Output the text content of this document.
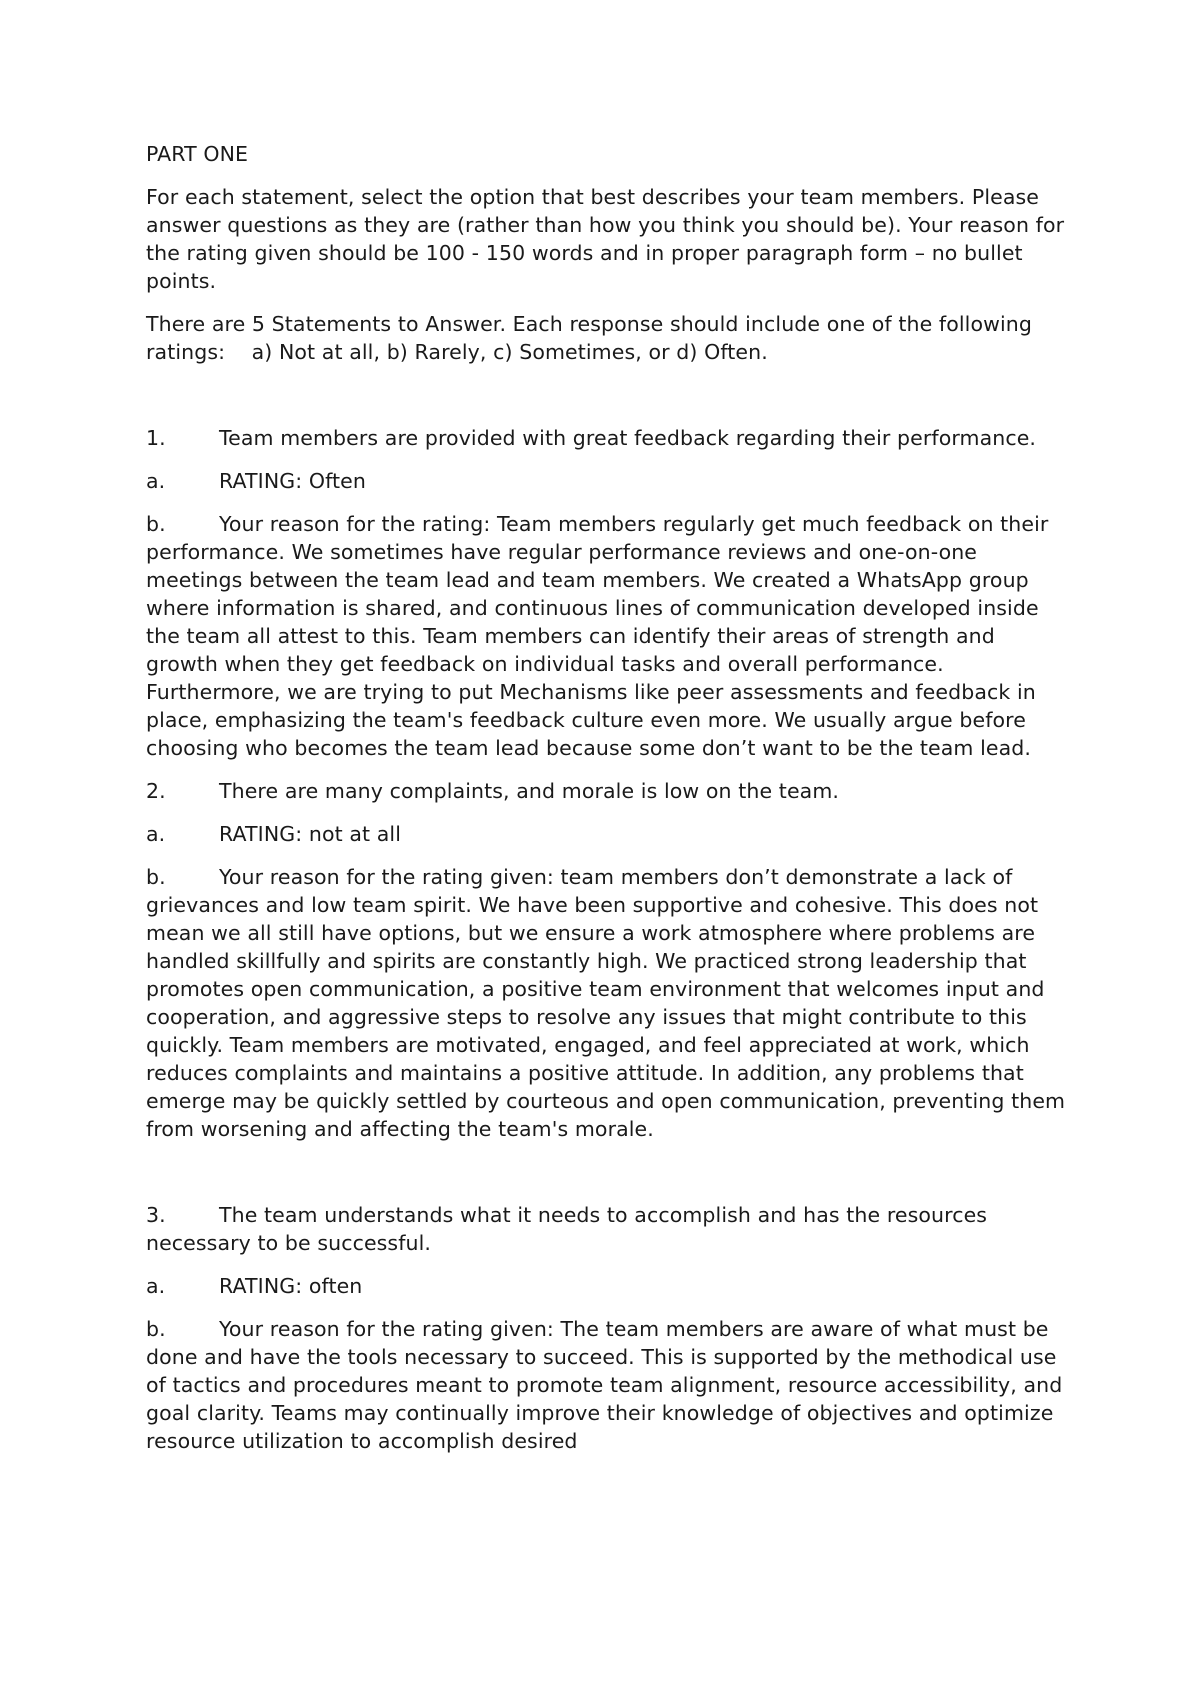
PART ONE

For each statement, select the option that best describes your team members. Please answer questions as they are (rather than how you think you should be). Your reason for the rating given should be 100 - 150 words and in proper paragraph form – no bullet points.

There are 5 Statements to Answer. Each response should include one of the following ratings:    a) Not at all, b) Rarely, c) Sometimes, or d) Often.

1.	Team members are provided with great feedback regarding their performance.

a.	RATING: Often

b.	Your reason for the rating: Team members regularly get much feedback on their performance. We sometimes have regular performance reviews and one-on-one meetings between the team lead and team members. We created a WhatsApp group where information is shared, and continuous lines of communication developed inside the team all attest to this. Team members can identify their areas of strength and growth when they get feedback on individual tasks and overall performance. Furthermore, we are trying to put Mechanisms like peer assessments and feedback in place, emphasizing the team's feedback culture even more. We usually argue before choosing who becomes the team lead because some don’t want to be the team lead.

2.	There are many complaints, and morale is low on the team.

a.	RATING: not at all

b.	Your reason for the rating given: team members don’t demonstrate a lack of grievances and low team spirit. We have been supportive and cohesive. This does not mean we all still have options, but we ensure a work atmosphere where problems are handled skillfully and spirits are constantly high. We practiced strong leadership that promotes open communication, a positive team environment that welcomes input and cooperation, and aggressive steps to resolve any issues that might contribute to this quickly. Team members are motivated, engaged, and feel appreciated at work, which reduces complaints and maintains a positive attitude. In addition, any problems that emerge may be quickly settled by courteous and open communication, preventing them from worsening and affecting the team's morale.

3.	The team understands what it needs to accomplish and has the resources necessary to be successful.

a.	RATING: often

b.	Your reason for the rating given: The team members are aware of what must be done and have the tools necessary to succeed. This is supported by the methodical use of tactics and procedures meant to promote team alignment, resource accessibility, and goal clarity. Teams may continually improve their knowledge of objectives and optimize resource utilization to accomplish desired
